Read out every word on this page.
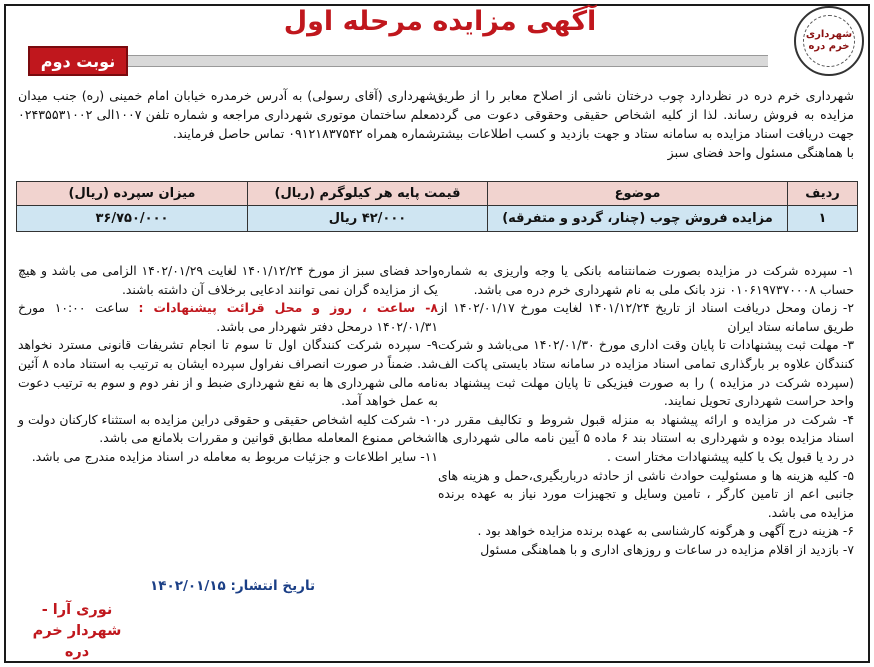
شهرداری خرم دره
آگهی مزایده مرحله اول
نوبت دوم
شهرداری خرم دره در نظردارد چوب درختان ناشی از اصلاح معابر را از طریق مزایده به فروش رساند. لذا از کلیه اشخاص حقیقی وحقوقی دعوت می گردد جهت دریافت اسناد مزایده به سامانه ستاد و جهت بازدید و کسب اطلاعات بیشتر با هماهنگی مسئول واحد فضای سبز
شهرداری (آقای رسولی) به آدرس خرمدره خیابان امام خمینی (ره) جنب میدان معلم ساختمان موتوری شهرداری مراجعه و شماره تلفن ۱۰۰۷الی ۰۲۴۳۵۵۳۱۰۰۲ شماره همراه ۰۹۱۲۱۸۳۷۵۴۲ تماس حاصل فرمایند.
ردیف	موضوع	قیمت پایه هر کیلوگرم (ریال)	میزان سپرده (ریال)
۱	مزایده فروش چوب (چنار، گردو و متفرقه)	۴۲/۰۰۰ ریال	۳۶/۷۵۰/۰۰۰

۱- سپرده شرکت در مزایده بصورت ضمانتنامه بانکی یا وجه واریزی به شماره حساب ۰۱۰۶۱۹۷۳۷۰۰۰۸ نزد بانک ملی به نام شهرداری خرم دره می باشد.

۲- زمان ومحل دریافت اسناد از تاریخ ۱۴۰۱/۱۲/۲۴ لغایت مورخ ۱۴۰۲/۰۱/۱۷ از طریق سامانه ستاد ایران

۳- مهلت ثبت پیشنهادات تا پایان وقت اداری مورخ ۱۴۰۲/۰۱/۳۰ می‌باشد و شرکت کنندگان علاوه بر بارگذاری تمامی اسناد مزایده در سامانه ستاد بایستی پاکت الف (سپرده شرکت در مزایده ) را به صورت فیزیکی تا پایان مهلت ثبت پیشنهاد به واحد حراست شهرداری تحویل نمایند.

۴- شرکت در مزایده و ارائه پیشنهاد به منزله قبول شروط و تکالیف مقرر در اسناد مزایده بوده و شهرداری به استناد بند ۶ ماده ۵ آیین نامه مالی شهرداری ها در رد یا قبول یک یا کلیه پیشنهادات مختار است .

۵- کلیه هزینه ها و مسئولیت حوادث ناشی از حادثه درباربگیری،حمل و هزینه های جانبی اعم از تامین کارگر ، تامین وسایل و تجهیزات مورد نیاز به عهده برنده مزایده می باشد.

۶- هزینه درج آگهی و هرگونه کارشناسی به عهده برنده مزایده خواهد بود .

۷- بازدید از اقلام مزایده در ساعات و روزهای اداری و با هماهنگی مسئول

واحد فضای سبز از مورخ ۱۴۰۱/۱۲/۲۴ لغایت ۱۴۰۲/۰۱/۲۹ الزامی می باشد و هیچ یک از مزایده گران نمی توانند ادعایی برخلاف آن داشته باشند.

۸- ساعت ، روز و محل قرائت پیشنهادات : ساعت ۱۰:۰۰ مورخ ۱۴۰۲/۰۱/۳۱ درمحل دفتر شهردار می باشد.

۹- سپرده شرکت کنندگان اول تا سوم تا انجام تشریفات قانونی مسترد نخواهد شد. ضمناً در صورت انصراف نفراول سپرده ایشان به ترتیب به استناد ماده ۸ آئین نامه مالی شهرداری ها به نفع شهرداری ضبط و از نفر دوم و سوم به ترتیب دعوت به عمل خواهد آمد.

۱۰- شرکت کلیه اشخاص حقیقی و حقوقی دراین مزایده به استثناء کارکنان دولت و اشخاص ممنوع المعامله مطابق قوانین و مقررات بلامانع می باشد.

۱۱- سایر اطلاعات و جزئیات مربوط به معامله در اسناد مزایده مندرج می باشد.

تاریخ انتشار: ۱۴۰۲/۰۱/۱۵
نوری آرا -
شهردار خرم دره
